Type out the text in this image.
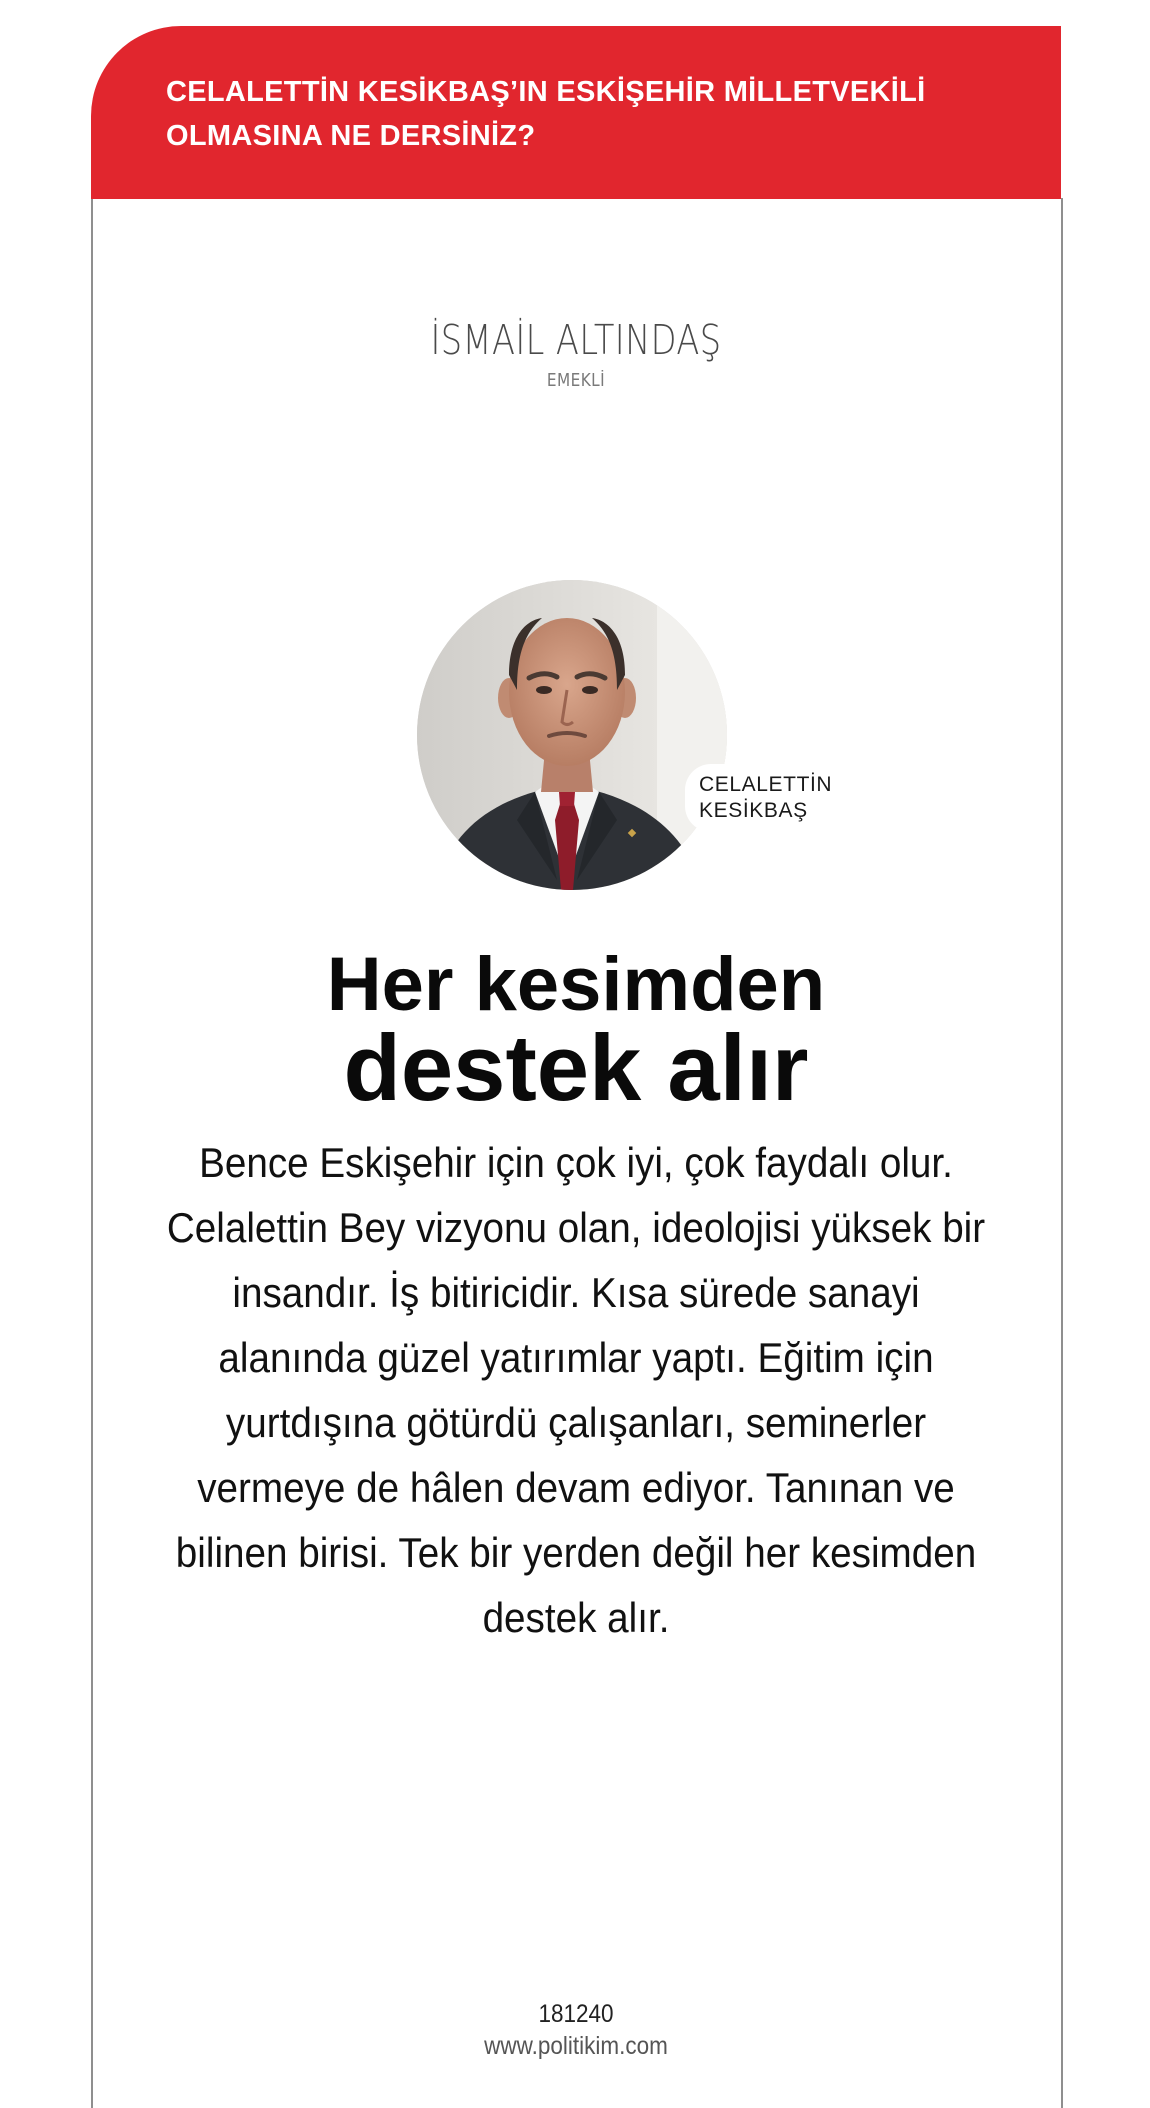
CELALETTİN KESİKBAŞ’IN ESKİŞEHİR MİLLETVEKİLİ
OLMASINA NE DERSİNİZ?

İSMAİL ALTINDAŞ
EMEKLİ
CELALETTİN
KESİKBAŞ
Her kesimden
destek alır

Bence Eskişehir için çok iyi, çok faydalı olur.
Celalettin Bey vizyonu olan, ideolojisi yüksek bir
insandır. İş bitiricidir. Kısa sürede sanayi
alanında güzel yatırımlar yaptı. Eğitim için
yurtdışına götürdü çalışanları, seminerler
vermeye de hâlen devam ediyor. Tanınan ve
bilinen birisi. Tek bir yerden değil her kesimden
destek alır.

181240
www.politikim.com
